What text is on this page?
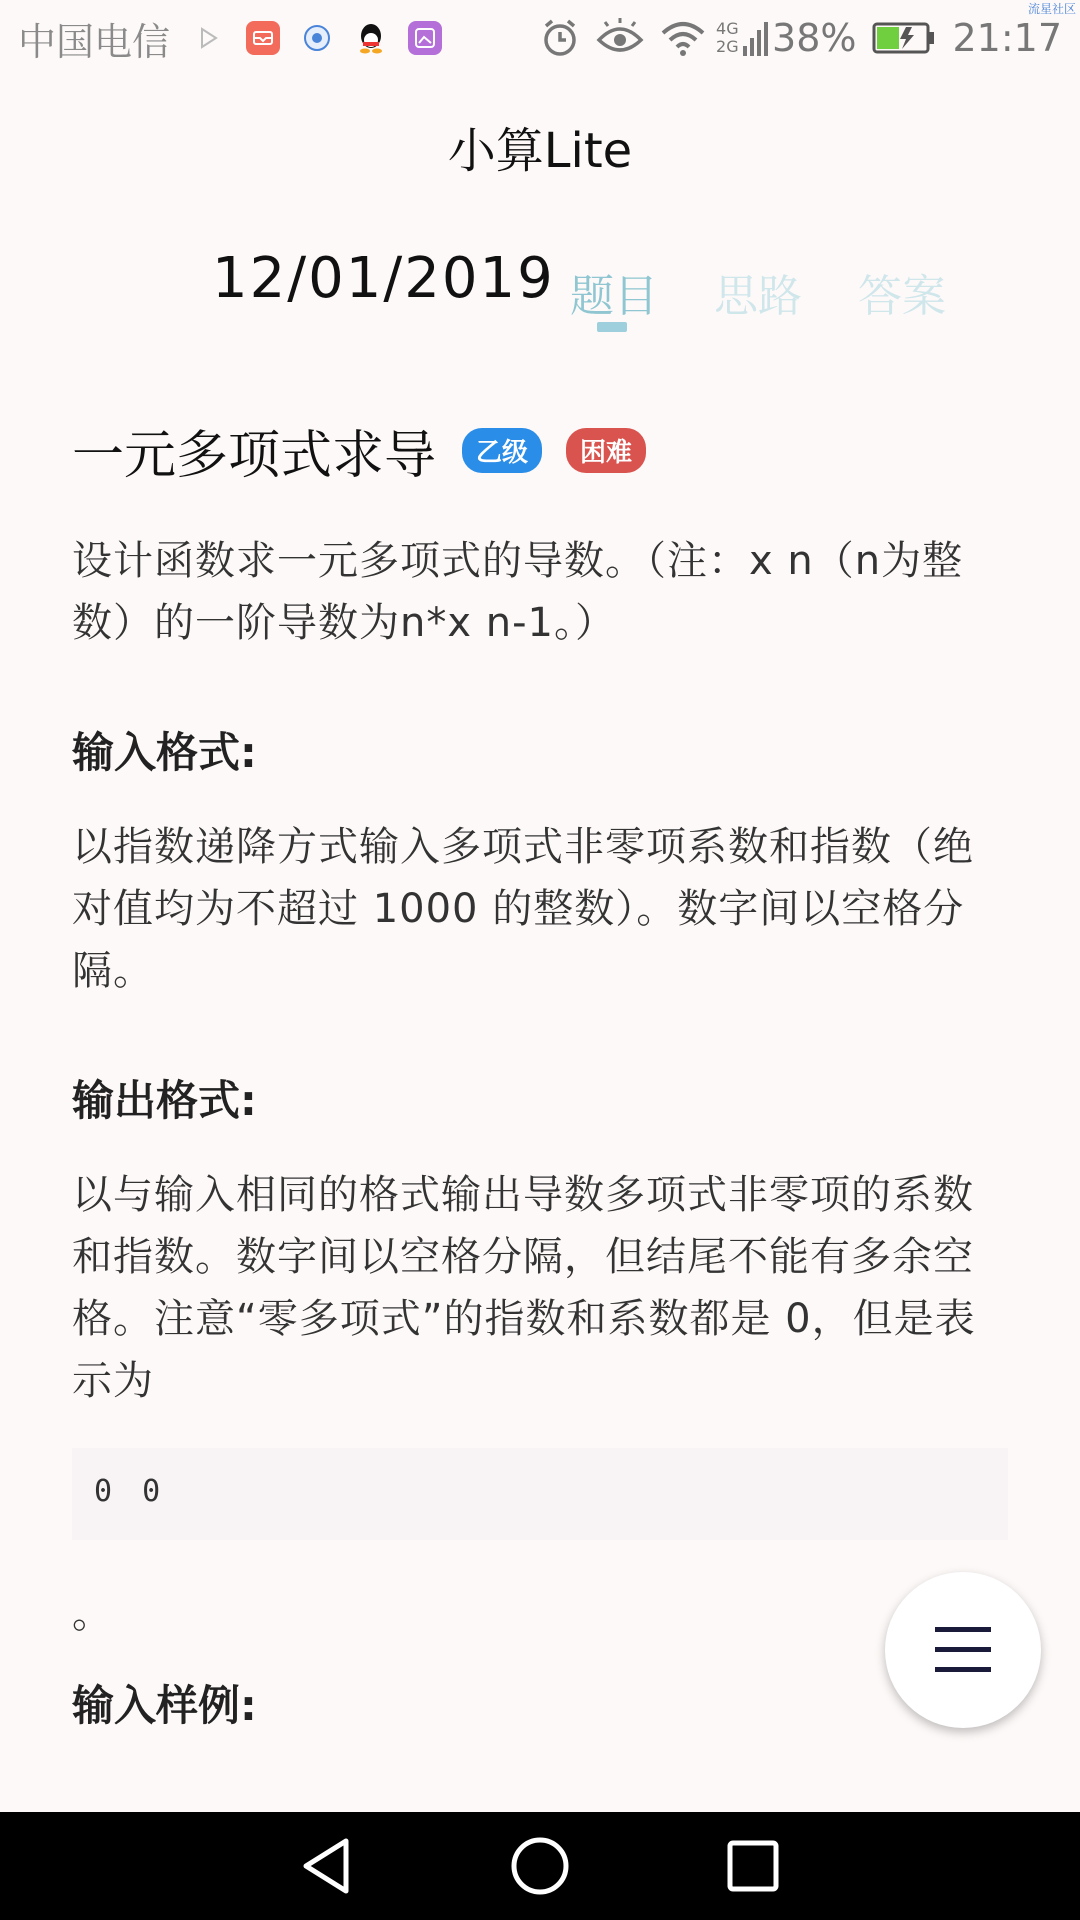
中国电信	4G 2G 38%	21:17
流星社区
小算Lite
12/01/2019 题目 思路 答案
一元多项式求导	乙级	困难

设计函数求一元多项式的导数。（注：x n（n为整数）的一阶导数为n*x n-1。）

输入格式:

以指数递降方式输入多项式非零项系数和指数（绝对值均为不超过 1000 的整数）。数字间以空格分隔。

输出格式:

以与输入相同的格式输出导数多项式非零项的系数和指数。数字间以空格分隔，但结尾不能有多余空格。注意“零多项式”的指数和系数都是 0，但是表示为

0 0
。
输入样例:
